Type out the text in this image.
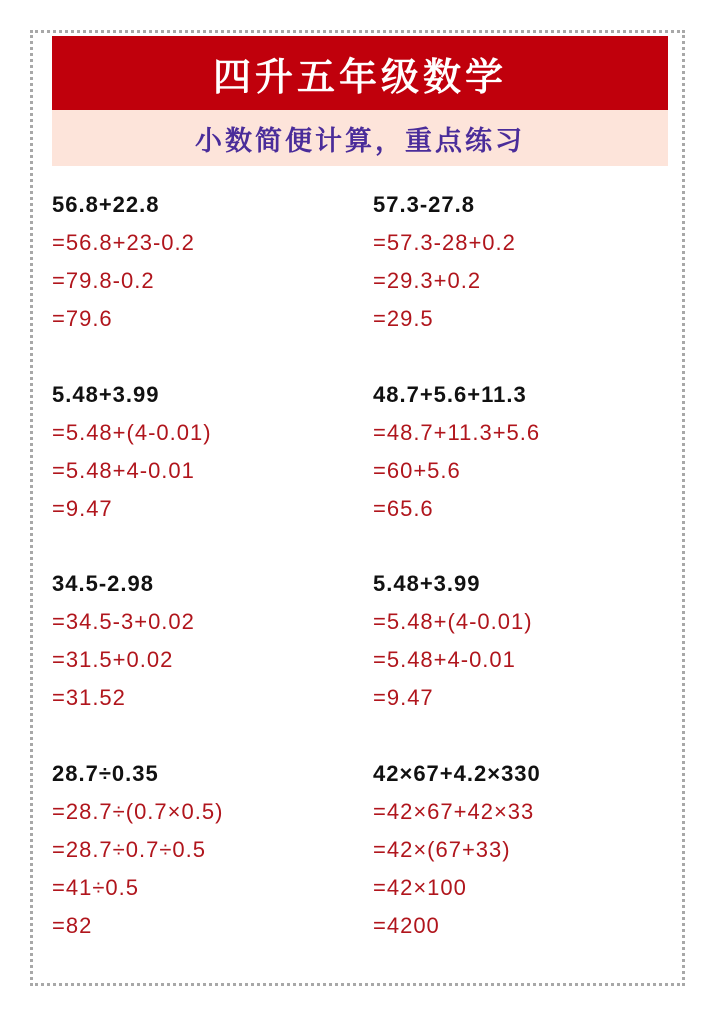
四升五年级数学
小数简便计算，重点练习
56.8+22.8
=56.8+23-0.2
=79.8-0.2
=79.6
57.3-27.8
=57.3-28+0.2
=29.3+0.2
=29.5
5.48+3.99
=5.48+(4-0.01)
=5.48+4-0.01
=9.47
48.7+5.6+11.3
=48.7+11.3+5.6
=60+5.6
=65.6
34.5-2.98
=34.5-3+0.02
=31.5+0.02
=31.52
5.48+3.99
=5.48+(4-0.01)
=5.48+4-0.01
=9.47
28.7÷0.35
=28.7÷(0.7×0.5)
=28.7÷0.7÷0.5
=41÷0.5
=82
42×67+4.2×330
=42×67+42×33
=42×(67+33)
=42×100
=4200
